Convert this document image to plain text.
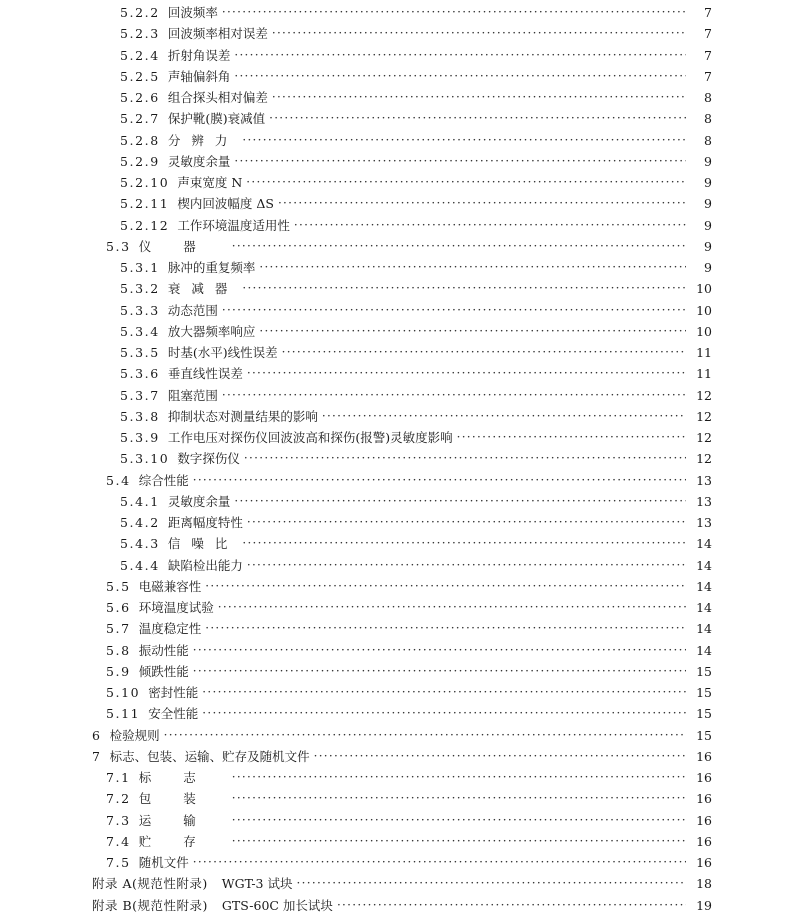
5.2.2 回波频率 ·····	7
5.2.3 回波频率相对误差 ·····	7
5.2.4 折射角误差 ·····	7
5.2.5 声轴偏斜角 ·····	7
5.2.6 组合探头相对偏差 ·····	8
5.2.7 保护靴(膜)衰减值 ·····	8
5.2.8 分辨力 ·····	8
5.2.9 灵敏度余量 ·····	9
5.2.10 声束宽度 N ·····	9
5.2.11 楔内回波幅度 ΔS ·····	9
5.2.12 工作环境温度适用性 ·····	9
5.3 仪器 ·····	9
5.3.1 脉冲的重复频率 ·····	9
5.3.2 衰减器 ·····	10
5.3.3 动态范围 ·····	10
5.3.4 放大器频率响应 ·····	10
5.3.5 时基(水平)线性误差 ·····	11
5.3.6 垂直线性误差 ·····	11
5.3.7 阻塞范围 ·····	12
5.3.8 抑制状态对测量结果的影响 ·····	12
5.3.9 工作电压对探伤仪回波波高和探伤(报警)灵敏度影响 ·····	12
5.3.10 数字探伤仪 ·····	12
5.4 综合性能 ·····	13
5.4.1 灵敏度余量 ·····	13
5.4.2 距离幅度特性 ·····	13
5.4.3 信噪比 ·····	14
5.4.4 缺陷检出能力 ·····	14
5.5 电磁兼容性 ·····	14
5.6 环境温度试验 ·····	14
5.7 温度稳定性 ·····	14
5.8 振动性能 ·····	14
5.9 倾跌性能 ·····	15
5.10 密封性能 ·····	15
5.11 安全性能 ·····	15
6 检验规则 ·····	15
7 标志、包装、运输、贮存及随机文件 ·····	16
7.1 标志 ·····	16
7.2 包装 ·····	16
7.3 运输 ·····	16
7.4 贮存 ·····	16
7.5 随机文件 ·····	16
附录 A(规范性附录) WGT-3 试块 ·····	18
附录 B(规范性附录) GTS-60C 加长试块 ·····	19
